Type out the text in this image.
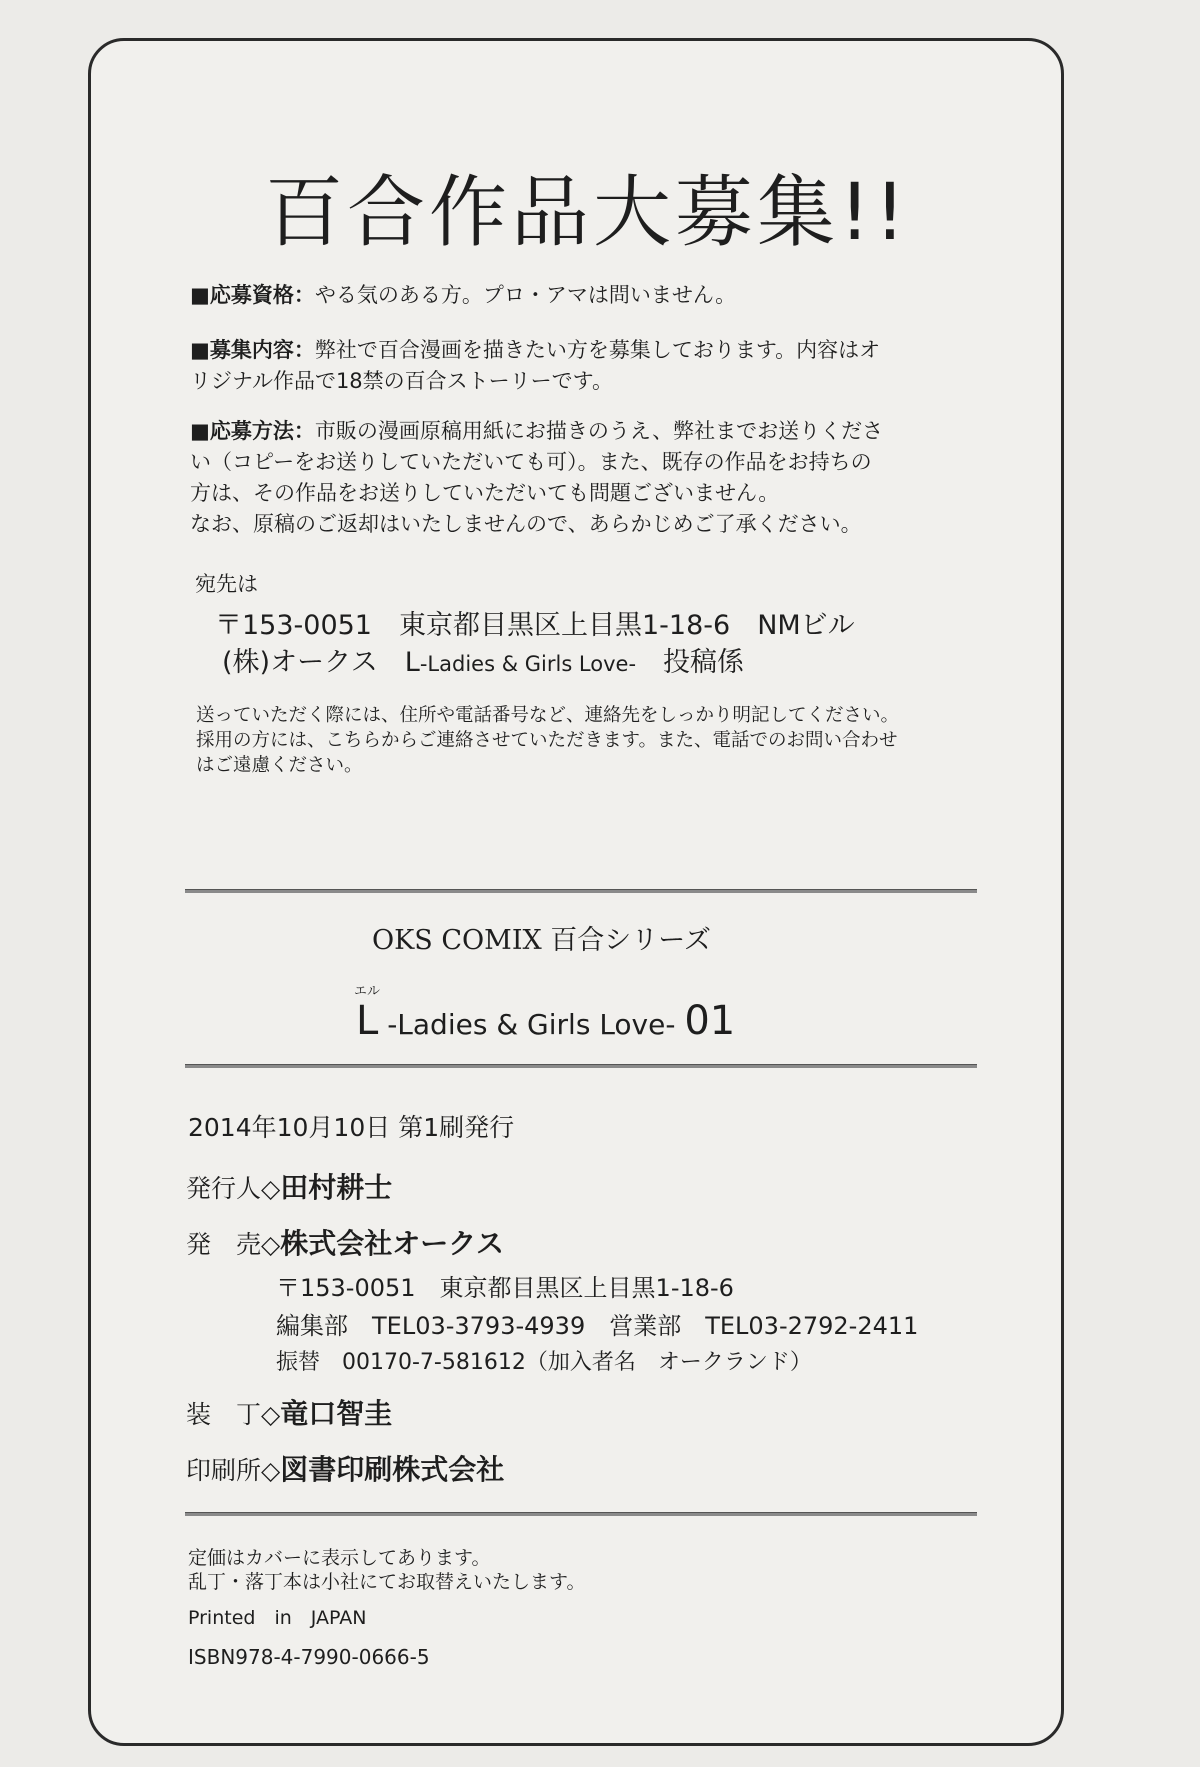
百合作品大募集!!
■応募資格：やる気のある方。プロ・アマは問いません。
■募集内容：弊社で百合漫画を描きたい方を募集しております。内容はオ
リジナル作品で18禁の百合ストーリーです。
■応募方法：市販の漫画原稿用紙にお描きのうえ、弊社までお送りくださ
い（コピーをお送りしていただいても可）。また、既存の作品をお持ちの
方は、その作品をお送りしていただいても問題ございません。
なお、原稿のご返却はいたしませんので、あらかじめご了承ください。
宛先は
〒153-0051　東京都目黒区上目黒1-18-6　NMビル
(株)オークス　L-Ladies & Girls Love-　投稿係
送っていただく際には、住所や電話番号など、連絡先をしっかり明記してください。
採用の方には、こちらからご連絡させていただきます。また、電話でのお問い合わせ
はご遠慮ください。
OKS COMIX 百合シリーズ
エル
L -Ladies & Girls Love- 01
2014年10月10日 第1刷発行
発行人◇田村耕士
発　売◇株式会社オークス
〒153-0051　東京都目黒区上目黒1-18-6
編集部　TEL03-3793-4939　営業部　TEL03-2792-2411
振替　00170-7-581612（加入者名　オークランド）
装　丁◇竜口智圭
印刷所◇図書印刷株式会社
定価はカバーに表示してあります。
乱丁・落丁本は小社にてお取替えいたします。
Printed　in　JAPAN
ISBN978-4-7990-0666-5
